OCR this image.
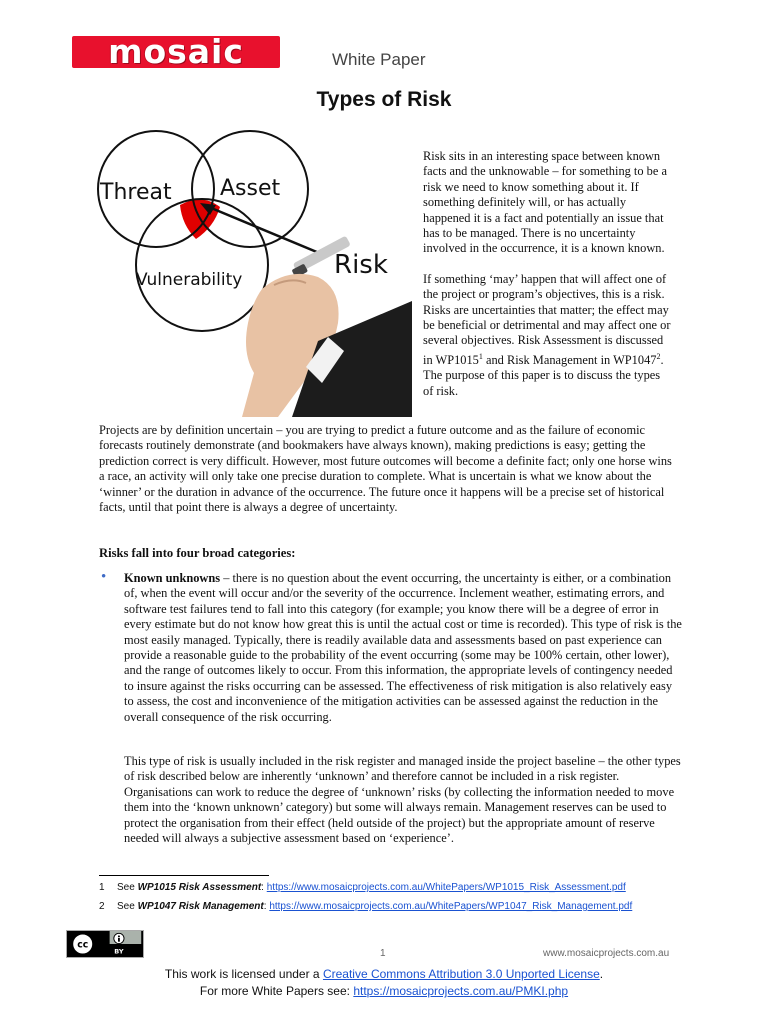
mosaic	White Paper
Types of Risk
Threat Asset
Vulnerability	Risk

Risk sits in an interesting space between known facts and the unknowable – for something to be a risk we need to know something about it. If something definitely will, or has actually happened it is a fact and potentially an issue that has to be managed. There is no uncertainty involved in the occurrence, it is a known known.

If something ‘may’ happen that will affect one of the project or program’s objectives, this is a risk. Risks are uncertainties that matter; the effect may be beneficial or detrimental and may affect one or several objectives. Risk Assessment is discussed in WP1015$^1$ and Risk Management in WP1047$^2$. The purpose of this paper is to discuss the types of risk.

Projects are by definition uncertain – you are trying to predict a future outcome and as the failure of economic forecasts routinely demonstrate (and bookmakers have always known), making predictions is easy; getting the prediction correct is very difficult. However, most future outcomes will become a definite fact; only one horse wins a race, an activity will only take one precise duration to complete. What is uncertain is what we know about the ‘winner’ or the duration in advance of the occurrence. The future once it happens will be a precise set of historical facts, until that point there is always a degree of uncertainty.

Risks fall into four broad categories:
• Known unknowns – there is no question about the event occurring, the uncertainty is either, or a combination of, when the event will occur and/or the severity of the occurrence. Inclement weather, estimating errors, and software test failures tend to fall into this category (for example; you know there will be a degree of error in every estimate but do not know how great this is until the actual cost or time is recorded). This type of risk is the most easily managed. Typically, there is readily available data and assessments based on past experience can provide a reasonable guide to the probability of the event occurring (some may be 100% certain, other lower), and the range of outcomes likely to occur. From this information, the appropriate levels of contingency needed to insure against the risks occurring can be assessed. The effectiveness of risk mitigation is also relatively easy to assess, the cost and inconvenience of the mitigation activities can be assessed against the reduction in the overall consequence of the risk occurring.

This type of risk is usually included in the risk register and managed inside the project baseline – the other types of risk described below are inherently ‘unknown’ and therefore cannot be included in a risk register. Organisations can work to reduce the degree of ‘unknown’ risks (by collecting the information needed to move them into the ‘known unknown’ category) but some will always remain. Management reserves can be used to protect the organisation from their effect (held outside of the project) but the appropriate amount of reserve needed will always a subjective assessment based on ‘experience’.

1 See WP1015 Risk Assessment: https://www.mosaicprojects.com.au/WhitePapers/WP1015_Risk_Assessment.pdf
2 See WP1047 Risk Management: https://www.mosaicprojects.com.au/WhitePapers/WP1047_Risk_Management.pdf
cc
BY	1	www.mosaicprojects.com.au
This work is licensed under a Creative Commons Attribution 3.0 Unported License.
For more White Papers see: https://mosaicprojects.com.au/PMKI.php
